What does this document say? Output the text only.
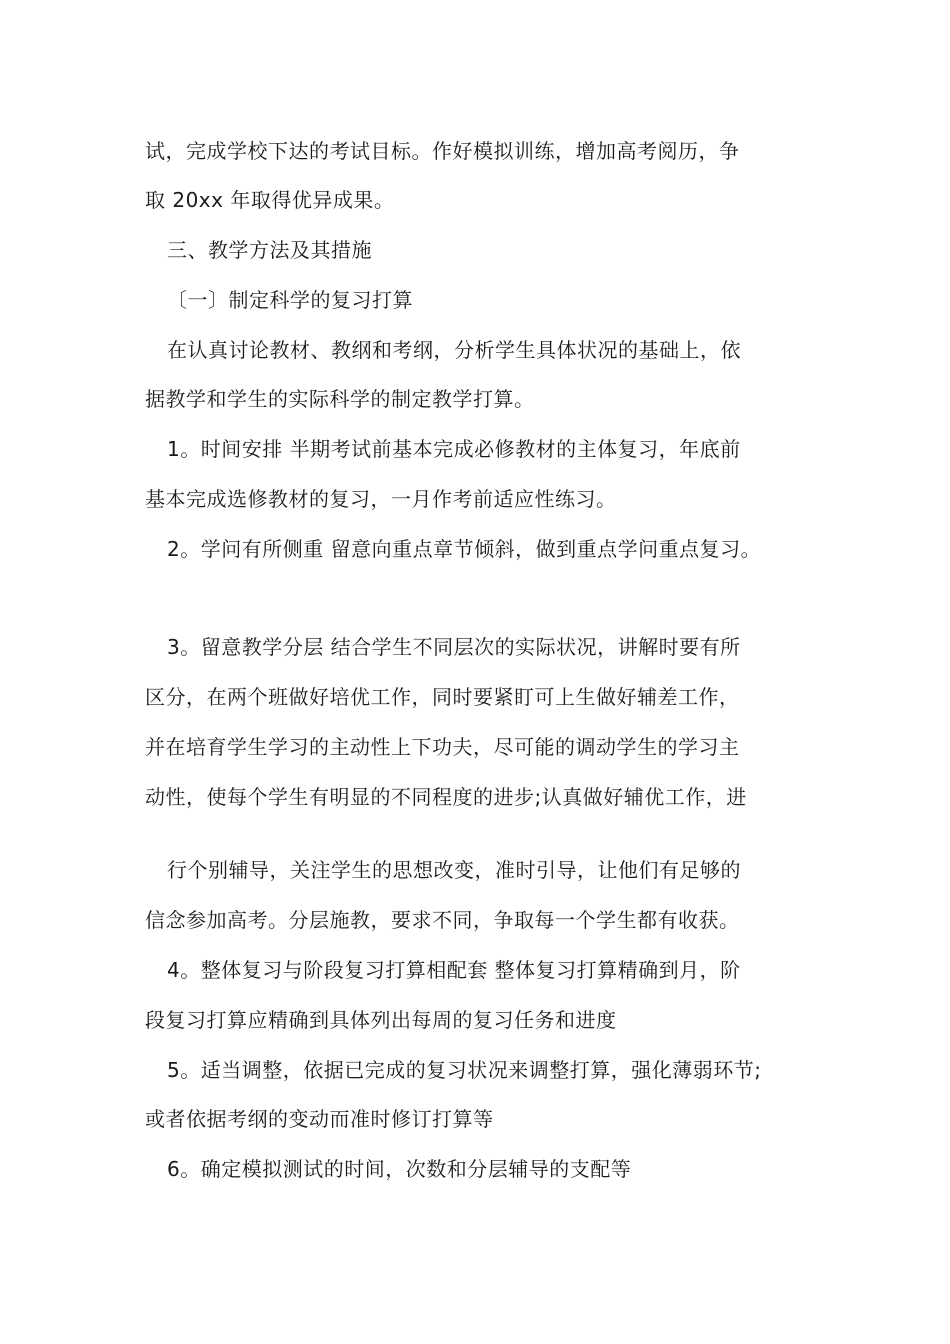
试，完成学校下达的考试目标。作好模拟训练，增加高考阅历，争
取 20xx 年取得优异成果。
三、教学方法及其措施
〔一〕制定科学的复习打算
在认真讨论教材、教纲和考纲，分析学生具体状况的基础上，依
据教学和学生的实际科学的制定教学打算。
1。时间安排 半期考试前基本完成必修教材的主体复习，年底前
基本完成选修教材的复习，一月作考前适应性练习。
2。学问有所侧重 留意向重点章节倾斜，做到重点学问重点复习。
3。留意教学分层 结合学生不同层次的实际状况，讲解时要有所
区分，在两个班做好培优工作，同时要紧盯可上生做好辅差工作，
并在培育学生学习的主动性上下功夫，尽可能的调动学生的学习主
动性，使每个学生有明显的不同程度的进步;认真做好辅优工作，进
行个别辅导，关注学生的思想改变，准时引导，让他们有足够的
信念参加高考。分层施教，要求不同，争取每一个学生都有收获。
4。整体复习与阶段复习打算相配套 整体复习打算精确到月，阶
段复习打算应精确到具体列出每周的复习任务和进度
5。适当调整，依据已完成的复习状况来调整打算，强化薄弱环节;
或者依据考纲的变动而准时修订打算等
6。确定模拟测试的时间，次数和分层辅导的支配等
